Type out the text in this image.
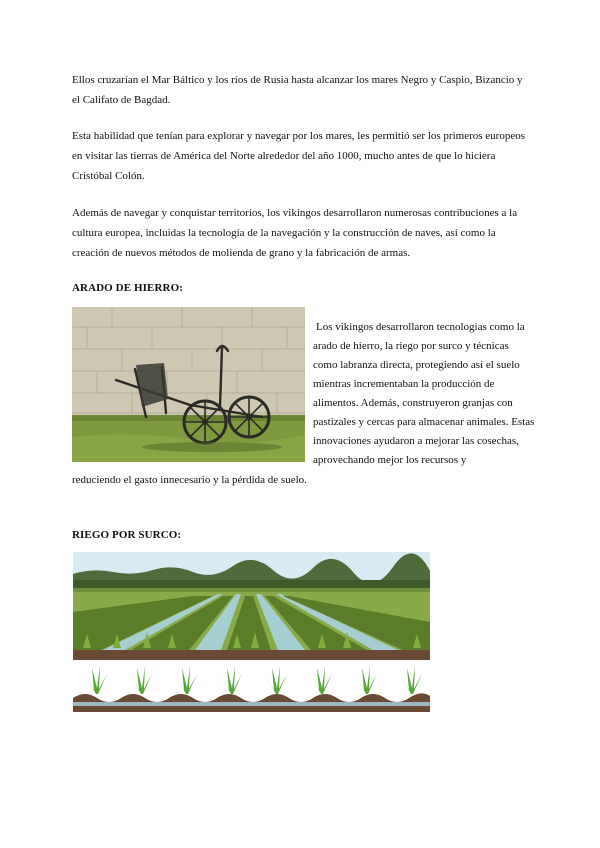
Ellos cruzarían el Mar Báltico y los ríos de Rusia hasta alcanzar los mares Negro y Caspio, Bizancio y el Califato de Bagdad.

Esta habilidad que tenían para explorar y navegar por los mares, les permitió ser los primeros europeos en visitar las tierras de América del Norte alrededor del año 1000, mucho antes de que lo hiciera Cristóbal Colón.

Además de navegar y conquistar territorios, los vikingos desarrollaron numerosas contribuciones a la cultura europea, incluidas la tecnología de la navegación y la construcción de naves, así como la creación de nuevos métodos de molienda de grano y la fabricación de armas.

ARADO DE HIERRO:

Los vikingos desarrollaron tecnologías como la arado de hierro, la riego por surco y técnicas como labranza directa, protegiendo así el suelo mientras incrementaban la producción de alimentos. Además, construyeron granjas con pastizales y cercas para almacenar animales. Estas innovaciones ayudaron a mejorar las cosechas, aprovechando mejor los recursos y

reduciendo el gasto innecesario y la pérdida de suelo.

RIEGO POR SURCO:
